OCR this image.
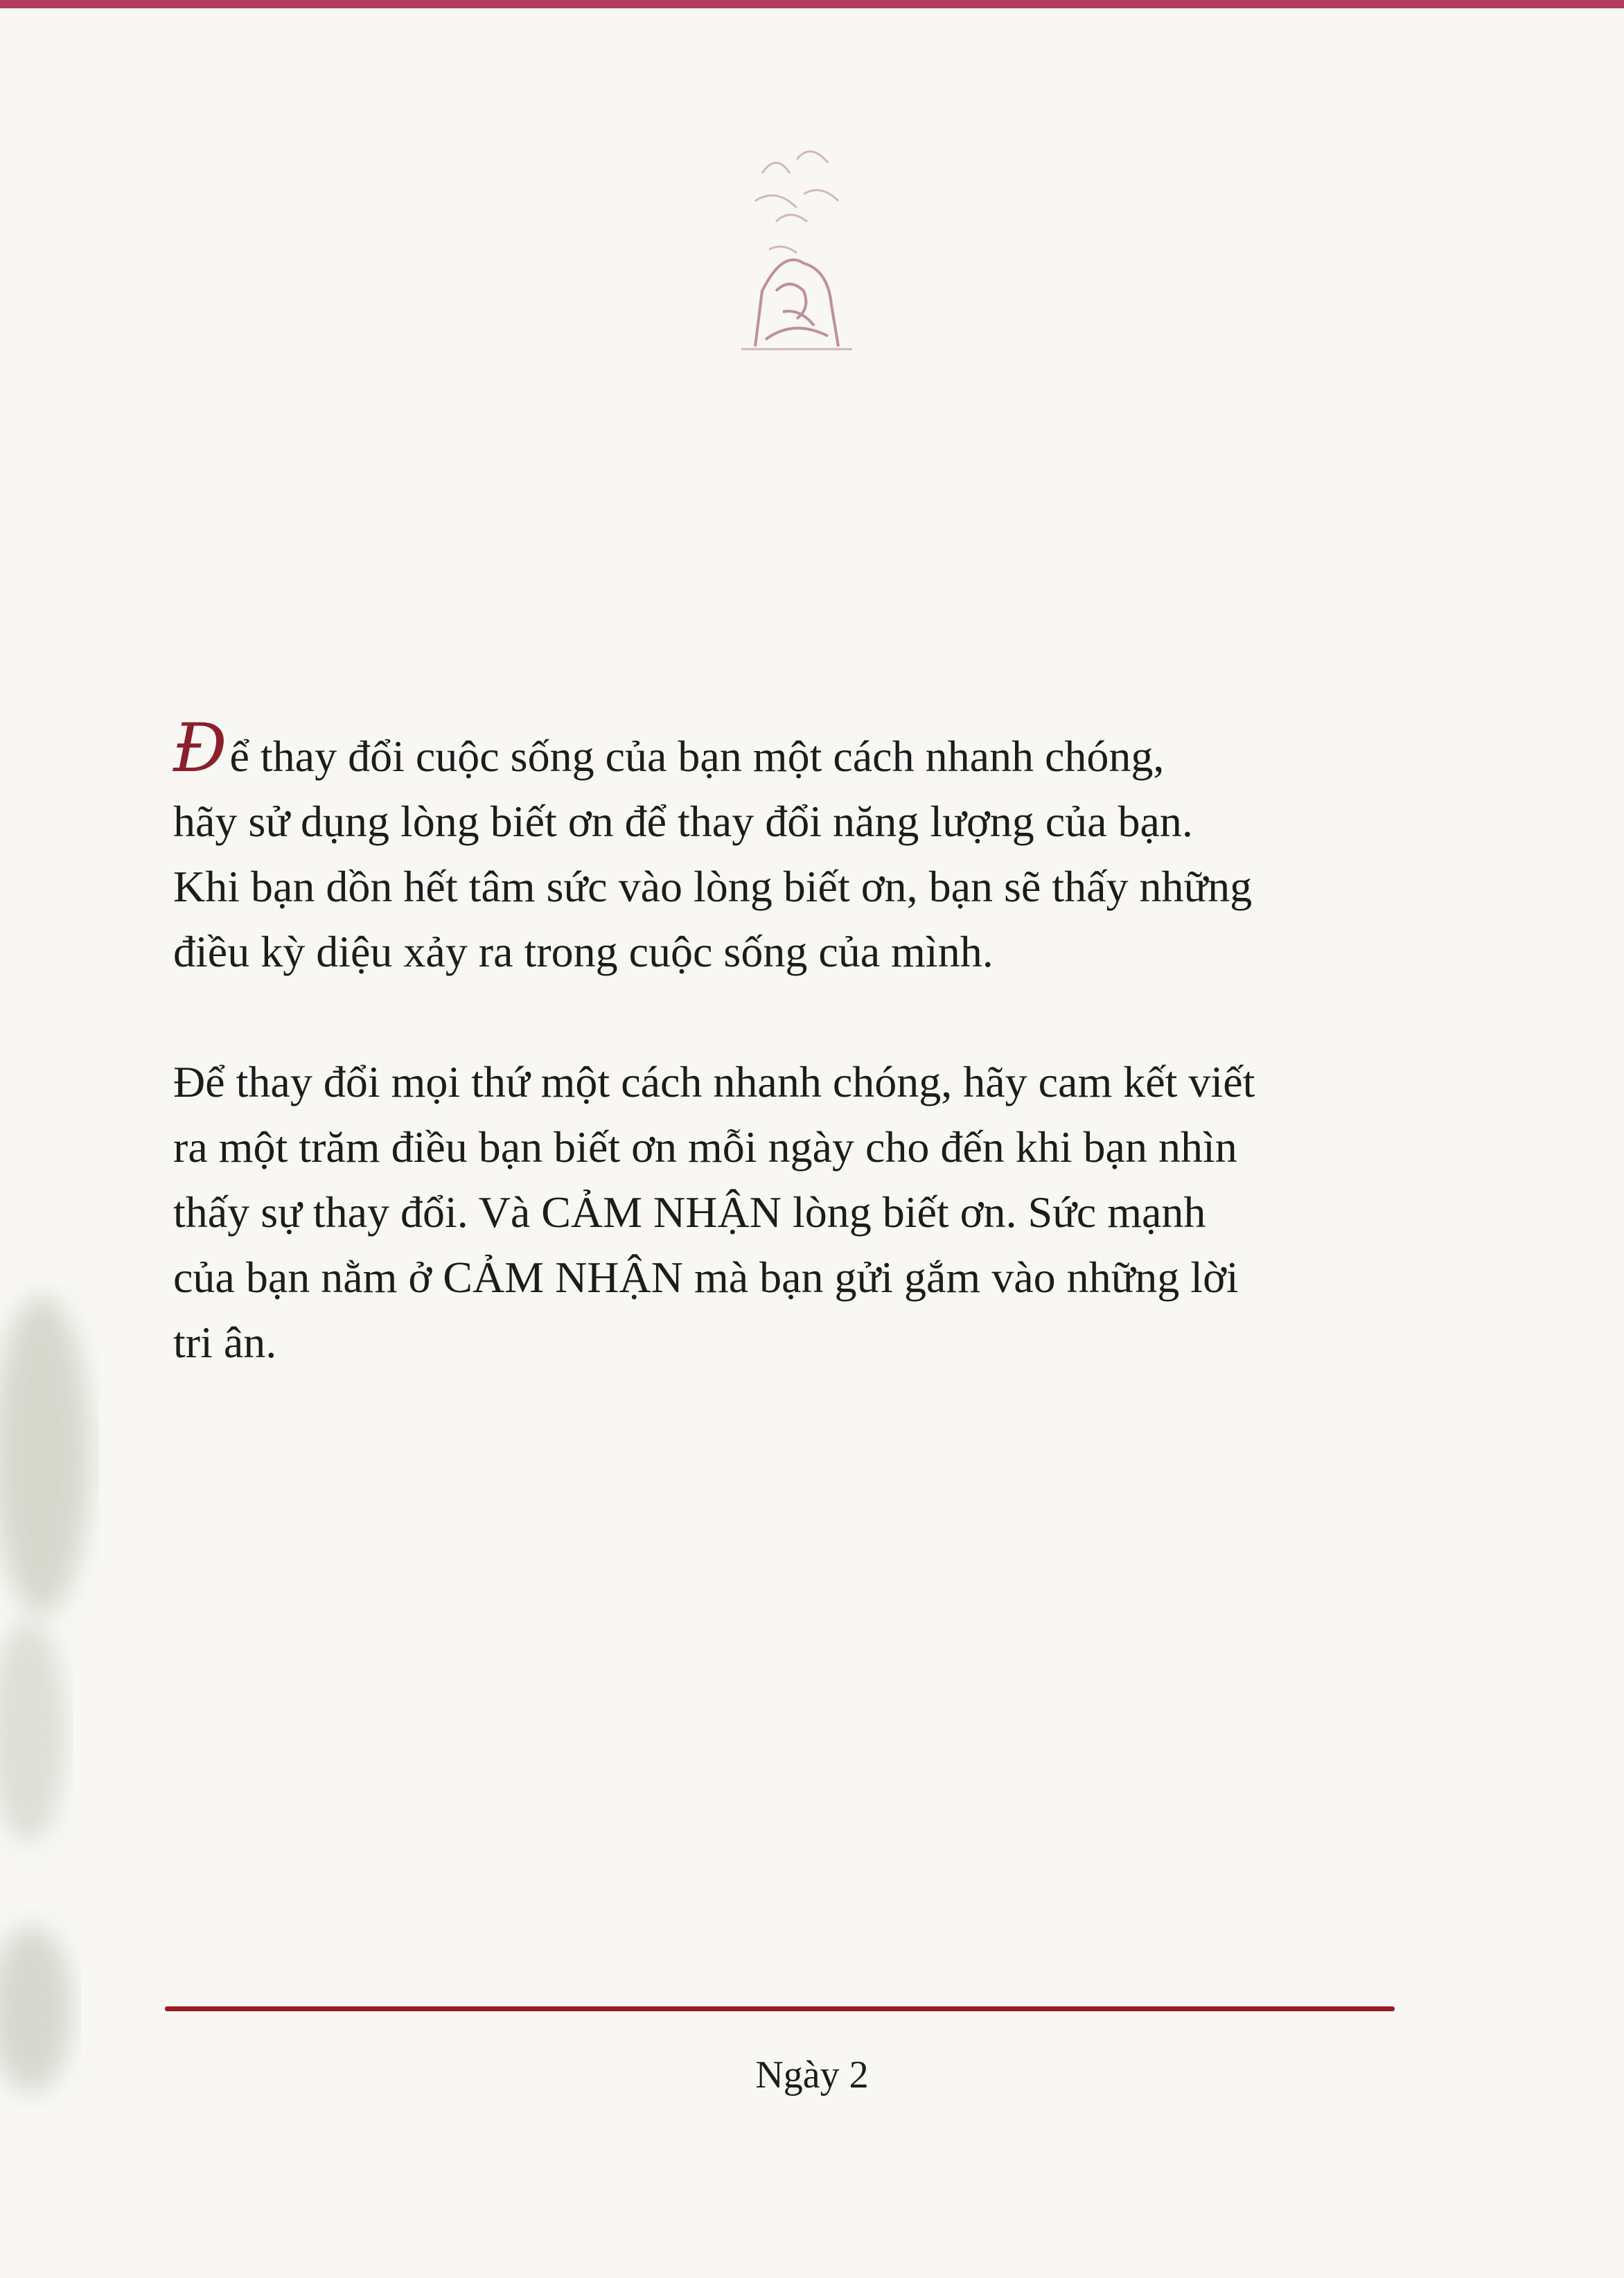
Để thay đổi cuộc sống của bạn một cách nhanh chóng,
hãy sử dụng lòng biết ơn để thay đổi năng lượng của bạn.
Khi bạn dồn hết tâm sức vào lòng biết ơn, bạn sẽ thấy những
điều kỳ diệu xảy ra trong cuộc sống của mình.

Để thay đổi mọi thứ một cách nhanh chóng, hãy cam kết viết
ra một trăm điều bạn biết ơn mỗi ngày cho đến khi bạn nhìn
thấy sự thay đổi. Và CẢM NHẬN lòng biết ơn. Sức mạnh
của bạn nằm ở CẢM NHẬN mà bạn gửi gắm vào những lời
tri ân.

Ngày 2
